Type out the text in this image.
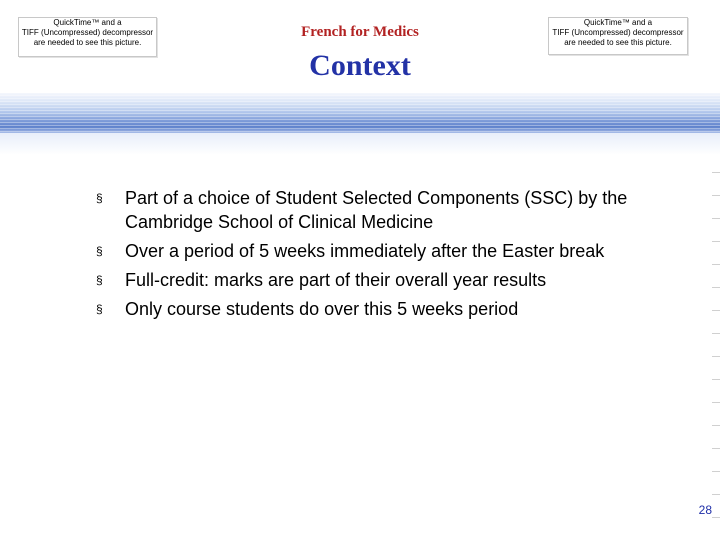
QuickTime™ and a
TIFF (Uncompressed) decompressor
are needed to see this picture.
QuickTime™ and a
TIFF (Uncompressed) decompressor
are needed to see this picture.
French for Medics
Context
§ Part of a choice of Student Selected Components (SSC) by the Cambridge School of Clinical Medicine
§ Over a period of 5 weeks immediately after the Easter break
§ Full-credit: marks are part of their overall year results
§ Only course students do over this 5 weeks period
28
